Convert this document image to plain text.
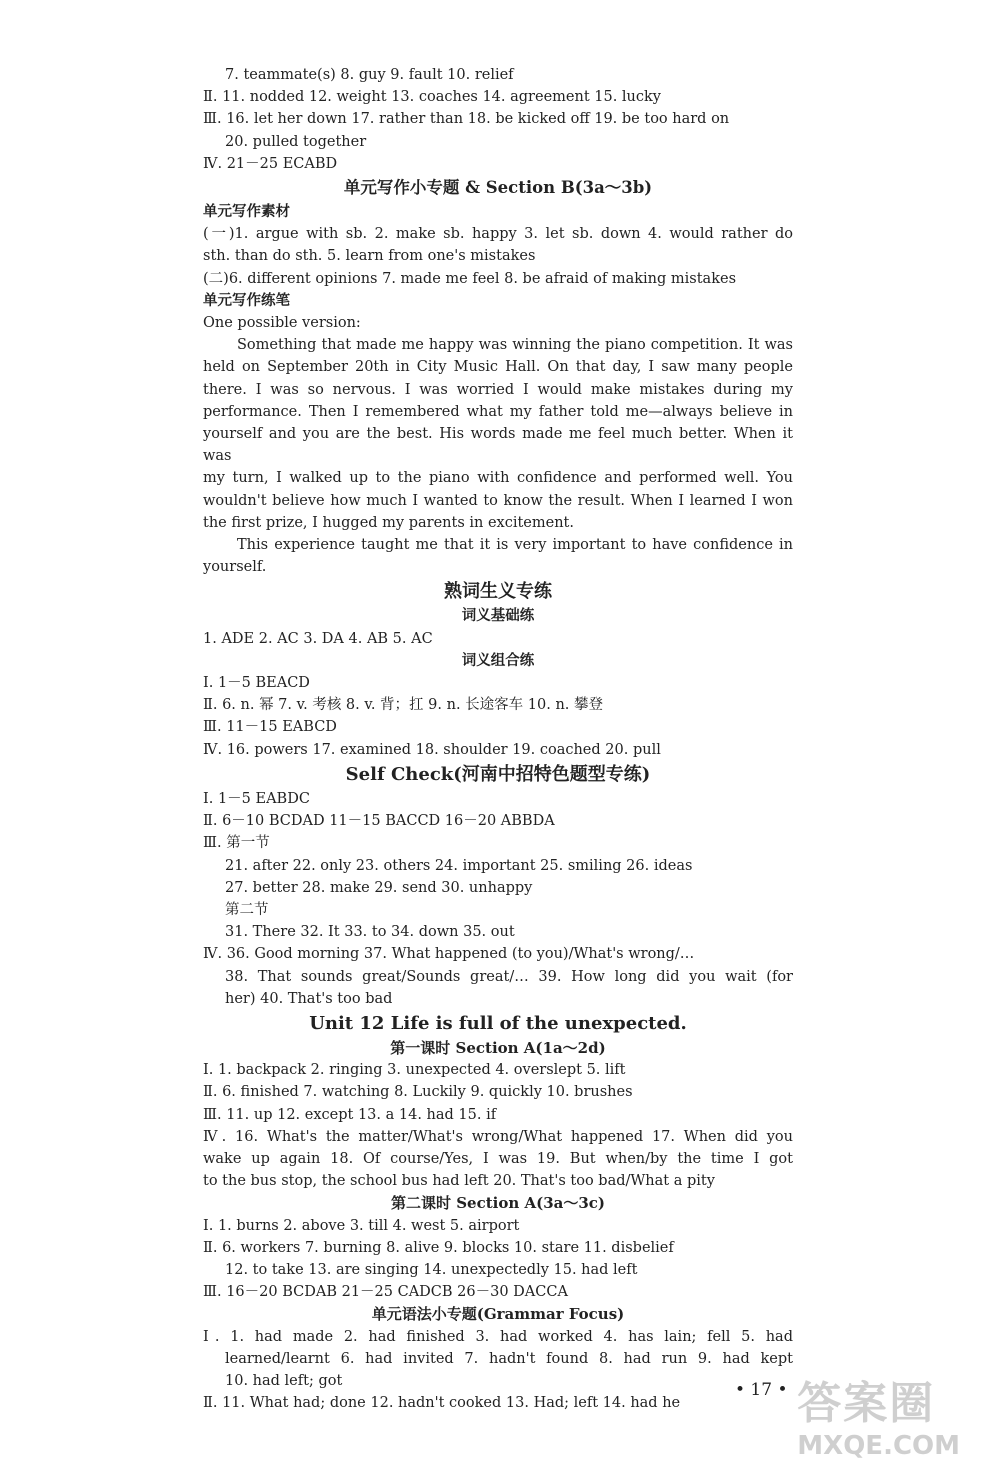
7. teammate(s) 8. guy 9. fault 10. relief
Ⅱ. 11. nodded 12. weight 13. coaches 14. agreement 15. lucky
Ⅲ. 16. let her down 17. rather than 18. be kicked off 19. be too hard on
20. pulled together
Ⅳ. 21－25 ECABD
单元写作小专题 & Section B(3a～3b)
单元写作素材
(一)1. argue with sb. 2. make sb. happy 3. let sb. down 4. would rather do
sth. than do sth. 5. learn from one's mistakes
(二)6. different opinions 7. made me feel 8. be afraid of making mistakes
单元写作练笔
One possible version:
Something that made me happy was winning the piano competition. It was
held on September 20th in City Music Hall. On that day, I saw many people
there. I was so nervous. I was worried I would make mistakes during my
performance. Then I remembered what my father told me—always believe in
yourself and you are the best. His words made me feel much better. When it was
my turn, I walked up to the piano with confidence and performed well. You
wouldn't believe how much I wanted to know the result. When I learned I won
the first prize, I hugged my parents in excitement.
This experience taught me that it is very important to have confidence in
yourself.
熟词生义专练
词义基础练
1. ADE 2. AC 3. DA 4. AB 5. AC
词义组合练
Ⅰ. 1－5 BEACD
Ⅱ. 6. n. 幂 7. v. 考核 8. v. 背；扛 9. n. 长途客车 10. n. 攀登
Ⅲ. 11－15 EABCD
Ⅳ. 16. powers 17. examined 18. shoulder 19. coached 20. pull
Self Check(河南中招特色题型专练)
Ⅰ. 1－5 EABDC
Ⅱ. 6－10 BCDAD 11－15 BACCD 16－20 ABBDA
Ⅲ. 第一节
21. after 22. only 23. others 24. important 25. smiling 26. ideas
27. better 28. make 29. send 30. unhappy
第二节
31. There 32. It 33. to 34. down 35. out
Ⅳ. 36. Good morning 37. What happened (to you)/What's wrong/…
38. That sounds great/Sounds great/… 39. How long did you wait (for
her) 40. That's too bad
Unit 12 Life is full of the unexpected.
第一课时 Section A(1a～2d)
Ⅰ. 1. backpack 2. ringing 3. unexpected 4. overslept 5. lift
Ⅱ. 6. finished 7. watching 8. Luckily 9. quickly 10. brushes
Ⅲ. 11. up 12. except 13. a 14. had 15. if
Ⅳ. 16. What's the matter/What's wrong/What happened 17. When did you
wake up again 18. Of course/Yes, I was 19. But when/by the time I got
to the bus stop, the school bus had left 20. That's too bad/What a pity
第二课时 Section A(3a～3c)
Ⅰ. 1. burns 2. above 3. till 4. west 5. airport
Ⅱ. 6. workers 7. burning 8. alive 9. blocks 10. stare 11. disbelief
12. to take 13. are singing 14. unexpectedly 15. had left
Ⅲ. 16－20 BCDAB 21－25 CADCB 26－30 DACCA
单元语法小专题(Grammar Focus)
Ⅰ. 1. had made 2. had finished 3. had worked 4. has lain; fell 5. had
learned/learnt 6. had invited 7. hadn't found 8. had run 9. had kept
10. had left; got
Ⅱ. 11. What had; done 12. hadn't cooked 13. Had; left 14. had he
• 17 • 答案圈
MXQE.COM
